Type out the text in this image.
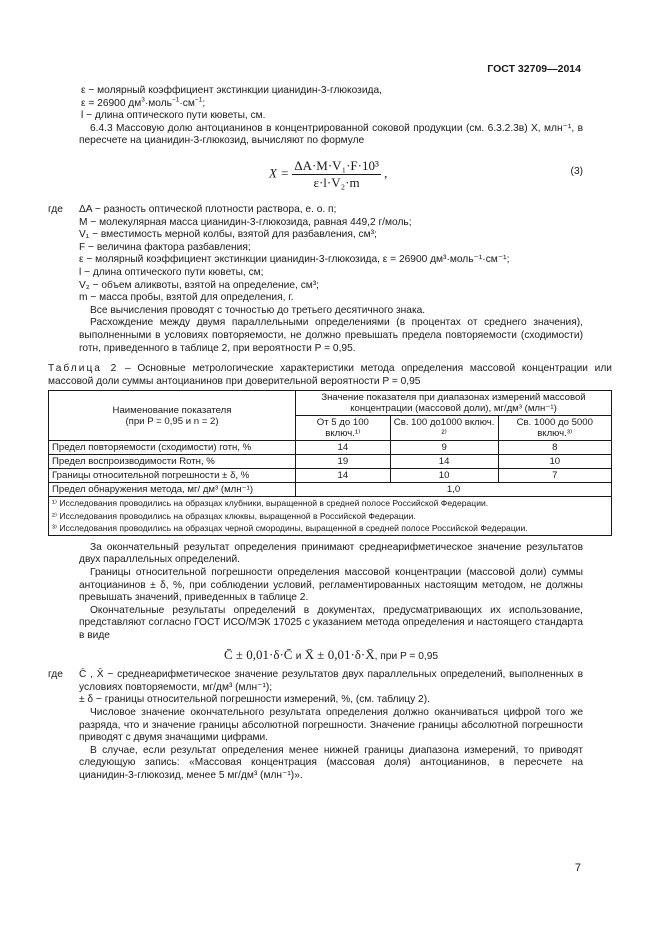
ГОСТ 32709—2014

ε − молярный коэффициент экстинкции цианидин-3-глюкозида,

ε = 26900 $дм^3\cdot моль^{-1}\cdot см^{-1}$;

l − длина оптического пути кюветы, см.

6.4.3 Массовую долю антоцианинов в концентрированной соковой продукции (см. 6.3.2.3в) X, млн⁻¹, в пересчете на цианидин-3-глюкозид, вычисляют по формуле

$X = \frac{\text{ΔA·M·V₁·F·10³}}{\text{ε·l·V₂·m}}$ ,	(3)
где ΔA − разность оптической плотности раствора, е. о. п;

M − молекулярная масса цианидин-3-глюкозида, равная 449,2 г/моль;

V₁ − вместимость мерной колбы, взятой для разбавления, см³;

F − величина фактора разбавления;

ε − молярный коэффициент экстинкции цианидин-3-глюкозида, ε = 26900 дм³·моль⁻¹·см⁻¹;

l − длина оптического пути кюветы, см;

V₂ − объем аликвоты, взятой на определение, см³;

m − масса пробы, взятой для определения, г.

Все вычисления проводят с точностью до третьего десятичного знака.

Расхождение между двумя параллельными определениями (в процентах от среднего значения), выполненными в условиях повторяемости, не должно превышать предела повторяемости (сходимости) rотн, приведенного в таблице 2, при вероятности P = 0,95.

Таблица 2 – Основные метрологические характеристики метода определения массовой концентрации или массовой доли суммы антоцианинов при доверительной вероятности P = 0,95

Наименование показателя
(при P = 0,95 и n = 2)	Значение показателя при диапазонах измерений массовой концентрации (массовой доли), мг/дм³ (млн⁻¹)		
	От 5 до 100 включ.¹⁾	Св. 100 до1000 включ. ²⁾	Св. 1000 до 5000 включ.³⁾
Предел повторяемости (сходимости) rотн, %	14	9	8
Предел воспроизводимости Rотн, %	19	14	10
Границы относительной погрешности ± δ, %	14	10	7
Предел обнаружения метода, мг/ дм³ (млн⁻¹)	1,0		
¹⁾ Исследования проводились на образцах клубники, выращенной в средней полосе Российской Федерации.			
²⁾ Исследования проводились на образцах клюквы, выращенной в Российской Федерации.			
³⁾ Исследования проводились на образцах черной смородины, выращенной в средней полосе Российской Федерации.			

За окончательный результат определения принимают среднеарифметическое значение результатов двух параллельных определений.

Границы относительной погрешности определения массовой концентрации (массовой доли) суммы антоцианинов ± δ, %, при соблюдении условий, регламентированных настоящим методом, не должны превышать значений, приведенных в таблице 2.

Окончательные результаты определений в документах, предусматривающих их использование, представляют согласно ГОСТ ИСО/МЭК 17025 с указанием метода определения и настоящего стандарта в виде

C̄ ± 0,01·δ·C̄ и X̄ ± 0,01·δ·X̄, при P = 0,95
где C̄ , X̄ − среднеарифметическое значение результатов двух параллельных определений, выполненных в условиях повторяемости, мг/дм³ (млн⁻¹);

± δ − границы относительной погрешности измерений, %, (см. таблицу 2).

Числовое значение окончательного результата определения должно оканчиваться цифрой того же разряда, что и значение границы абсолютной погрешности. Значение границы абсолютной погрешности приводят с двумя значащими цифрами.

В случае, если результат определения менее нижней границы диапазона измерений, то приводят следующую запись: «Массовая концентрация (массовая доля) антоцианинов, в пересчете на цианидин-3-глюкозид, менее 5 мг/дм³ (млн⁻¹)».

7
